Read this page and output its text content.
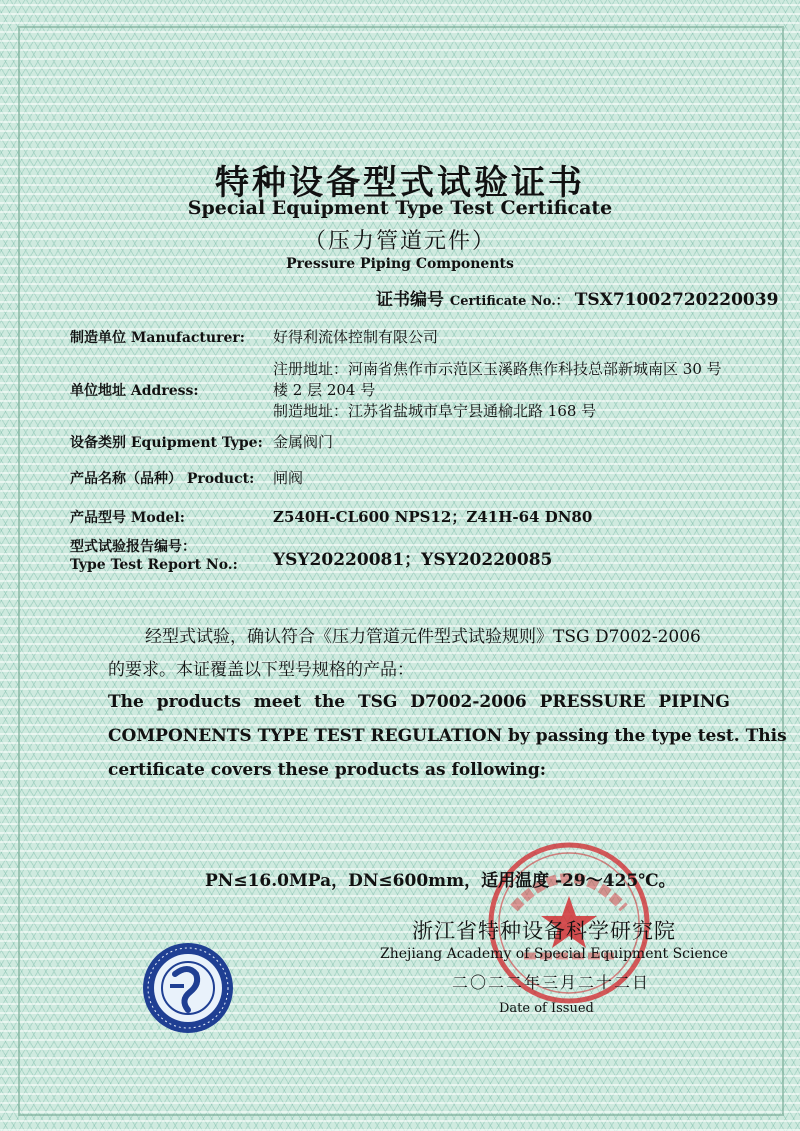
特种设备型式试验证书
Special Equipment Type Test Certificate
（压力管道元件）
Pressure Piping Components
证书编号 Certificate No.： TSX71002720220039
制造单位 Manufacturer: 好得利流体控制有限公司
单位地址 Address:
注册地址：河南省焦作市示范区玉溪路焦作科技总部新城南区 30 号
楼 2 层 204 号
制造地址：江苏省盐城市阜宁县通榆北路 168 号
设备类别 Equipment Type: 金属阀门
产品名称（品种） Product: 闸阀
产品型号 Model:	Z540H-CL600 NPS12；Z41H-64 DN80
型式试验报告编号：
Type Test Report No.: YSY20220081；YSY20220085
经型式试验，确认符合《压力管道元件型式试验规则》TSG D7002-2006
的要求。本证覆盖以下型号规格的产品：
The products meet the TSG D7002-2006 PRESSURE PIPING
COMPONENTS TYPE TEST REGULATION by passing the type test. This
certificate covers these products as following:
PN≤16.0MPa，DN≤600mm，适用温度 -29～425℃。
浙江省特种设备科学研究院
Zhejiang Academy of Special Equipment Science
二〇二二年三月二十二日
Date of Issued
